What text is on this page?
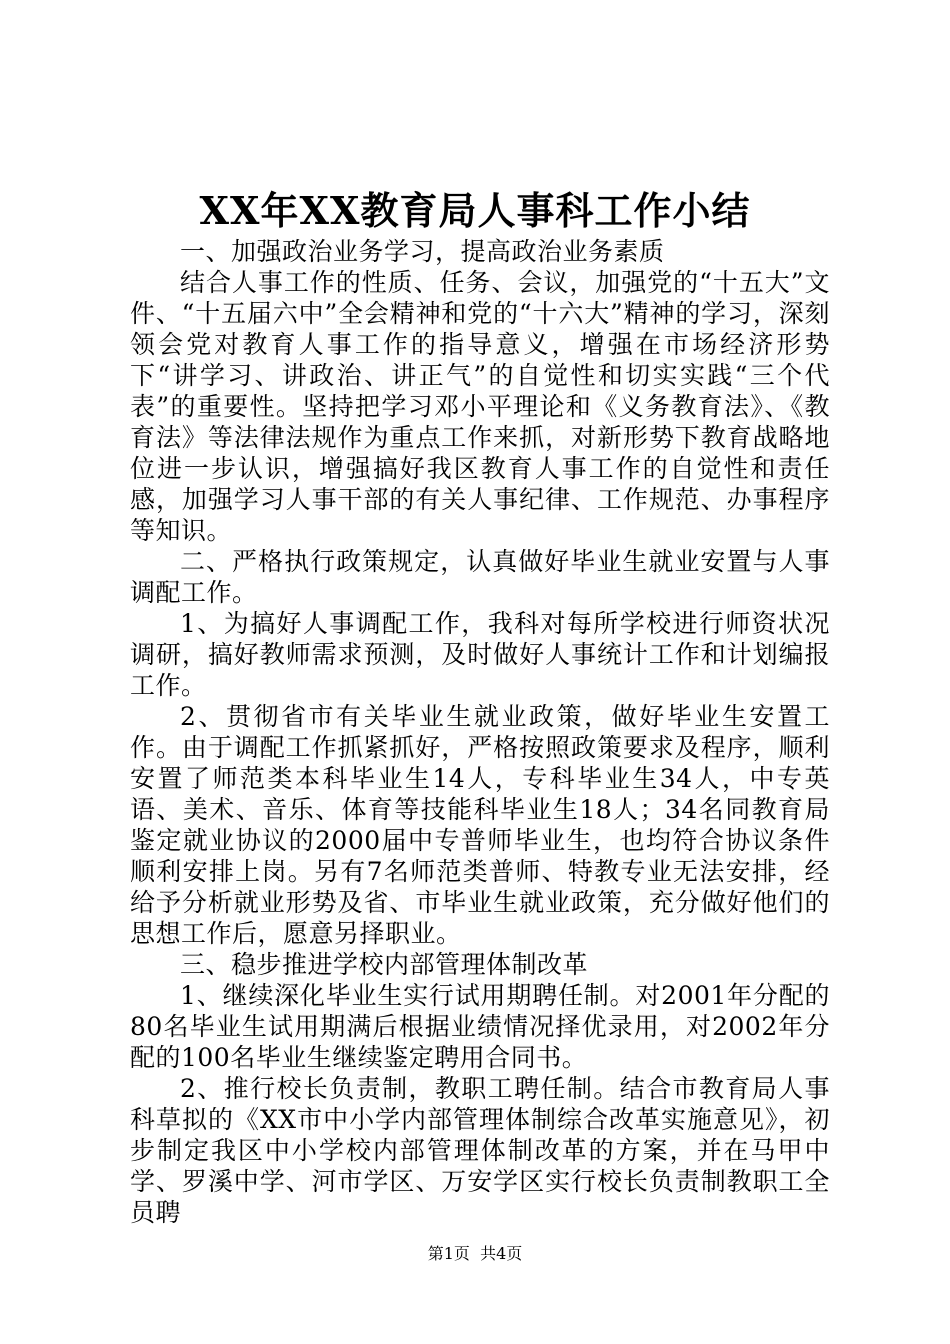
XX年XX教育局人事科工作小结

一、加强政治业务学习，提高政治业务素质

结合人事工作的性质、任务、会议，加强党的“十五大”文件、“十五届六中”全会精神和党的“十六大”精神的学习，深刻领会党对教育人事工作的指导意义，增强在市场经济形势下“讲学习、讲政治、讲正气”的自觉性和切实实践“三个代表”的重要性。坚持把学习邓小平理论和《义务教育法》、《教育法》等法律法规作为重点工作来抓，对新形势下教育战略地位进一步认识，增强搞好我区教育人事工作的自觉性和责任感，加强学习人事干部的有关人事纪律、工作规范、办事程序等知识。

二、严格执行政策规定，认真做好毕业生就业安置与人事调配工作。

1、为搞好人事调配工作，我科对每所学校进行师资状况调研，搞好教师需求预测，及时做好人事统计工作和计划编报工作。

2、贯彻省市有关毕业生就业政策，做好毕业生安置工作。由于调配工作抓紧抓好，严格按照政策要求及程序，顺利安置了师范类本科毕业生14人，专科毕业生34人，中专英语、美术、音乐、体育等技能科毕业生18人；34名同教育局鉴定就业协议的2000届中专普师毕业生，也均符合协议条件顺利安排上岗。另有7名师范类普师、特教专业无法安排，经给予分析就业形势及省、市毕业生就业政策，充分做好他们的思想工作后，愿意另择职业。

三、稳步推进学校内部管理体制改革

1、继续深化毕业生实行试用期聘任制。对2001年分配的80名毕业生试用期满后根据业绩情况择优录用，对2002年分配的100名毕业生继续鉴定聘用合同书。

2、推行校长负责制，教职工聘任制。结合市教育局人事科草拟的《XX市中小学内部管理体制综合改革实施意见》，初步制定我区中小学校内部管理体制改革的方案，并在马甲中学、罗溪中学、河市学区、万安学区实行校长负责制教职工全员聘

第1页 共4页
